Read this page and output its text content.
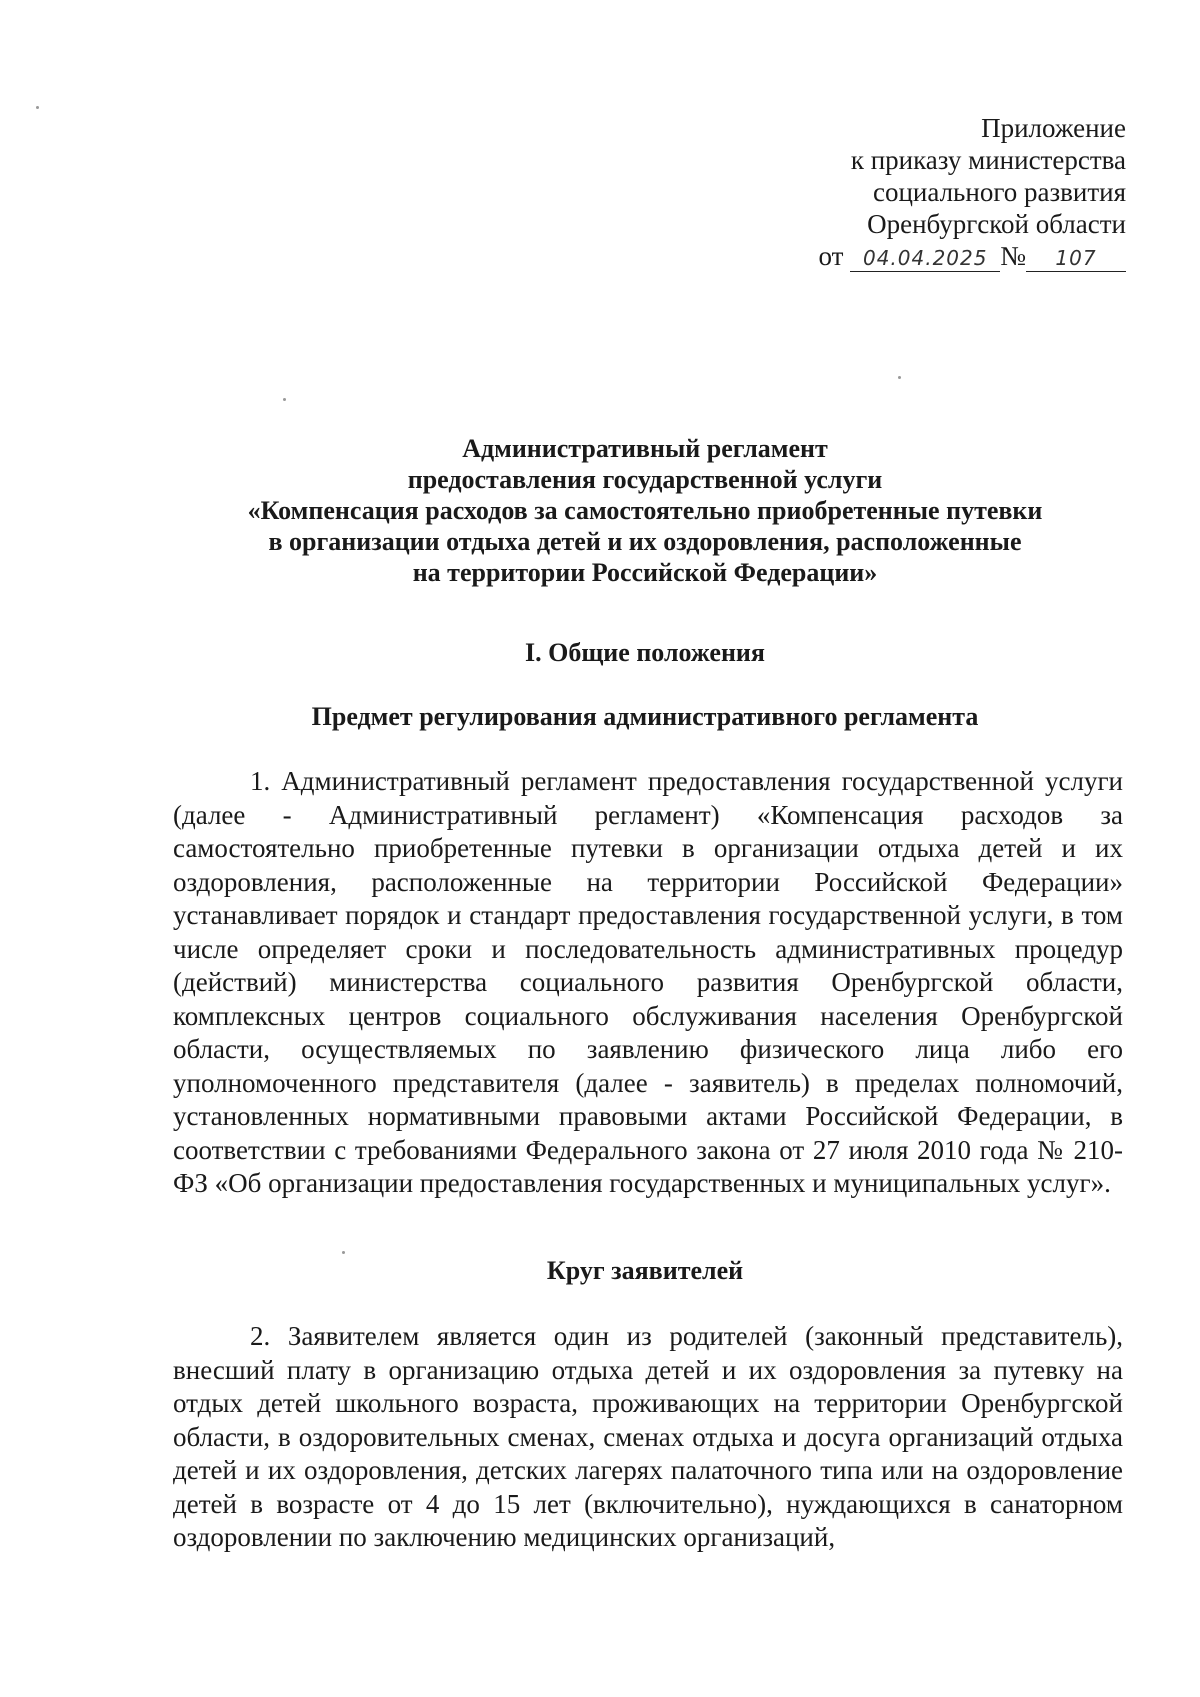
Приложение
к приказу министерства
социального развития
Оренбургской области
от 04.04.2025 № 107
Административный регламент
предоставления государственной услуги
«Компенсация расходов за самостоятельно приобретенные путевки
в организации отдыха детей и их оздоровления, расположенные
на территории Российской Федерации»
I. Общие положения
Предмет регулирования административного регламента
1. Административный регламент предоставления государственной услуги (далее - Административный регламент) «Компенсация расходов за самостоятельно приобретенные путевки в организации отдыха детей и их оздоровления, расположенные на территории Российской Федерации» устанавливает порядок и стандарт предоставления государственной услуги, в том числе определяет сроки и последовательность административных процедур (действий) министерства социального развития Оренбургской области, комплексных центров социального обслуживания населения Оренбургской области, осуществляемых по заявлению физического лица либо его уполномоченного представителя (далее - заявитель) в пределах полномочий, установленных нормативными правовыми актами Российской Федерации, в соответствии с требованиями Федерального закона от 27 июля 2010 года № 210-ФЗ «Об организации предоставления государственных и муниципальных услуг».
Круг заявителей
2. Заявителем является один из родителей (законный представитель), внесший плату в организацию отдыха детей и их оздоровления за путевку на отдых детей школьного возраста, проживающих на территории Оренбургской области, в оздоровительных сменах, сменах отдыха и досуга организаций отдыха детей и их оздоровления, детских лагерях палаточного типа или на оздоровление детей в возрасте от 4 до 15 лет (включительно), нуждающихся в санаторном оздоровлении по заключению медицинских организаций,
